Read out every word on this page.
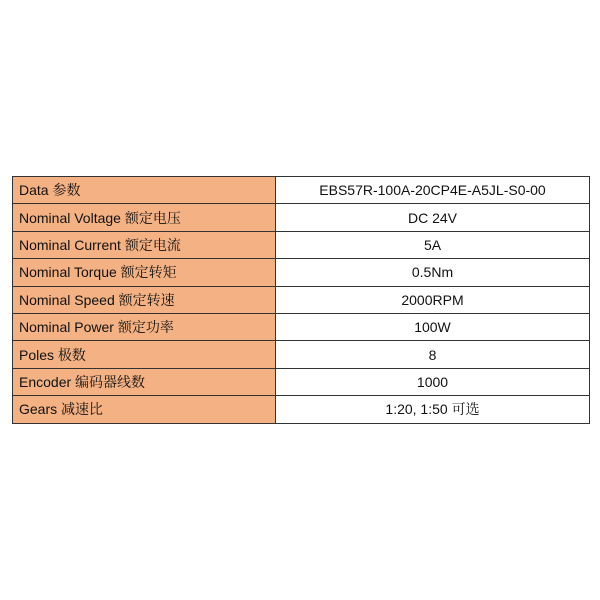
Data 参数	EBS57R-100A-20CP4E-A5JL-S0-00
Nominal Voltage 额定电压	DC 24V
Nominal Current 额定电流	5A
Nominal Torque 额定转矩	0.5Nm
Nominal Speed 额定转速	2000RPM
Nominal Power 额定功率	100W
Poles 极数	8
Encoder 编码器线数	1000
Gears 减速比	1:20, 1:50 可选
